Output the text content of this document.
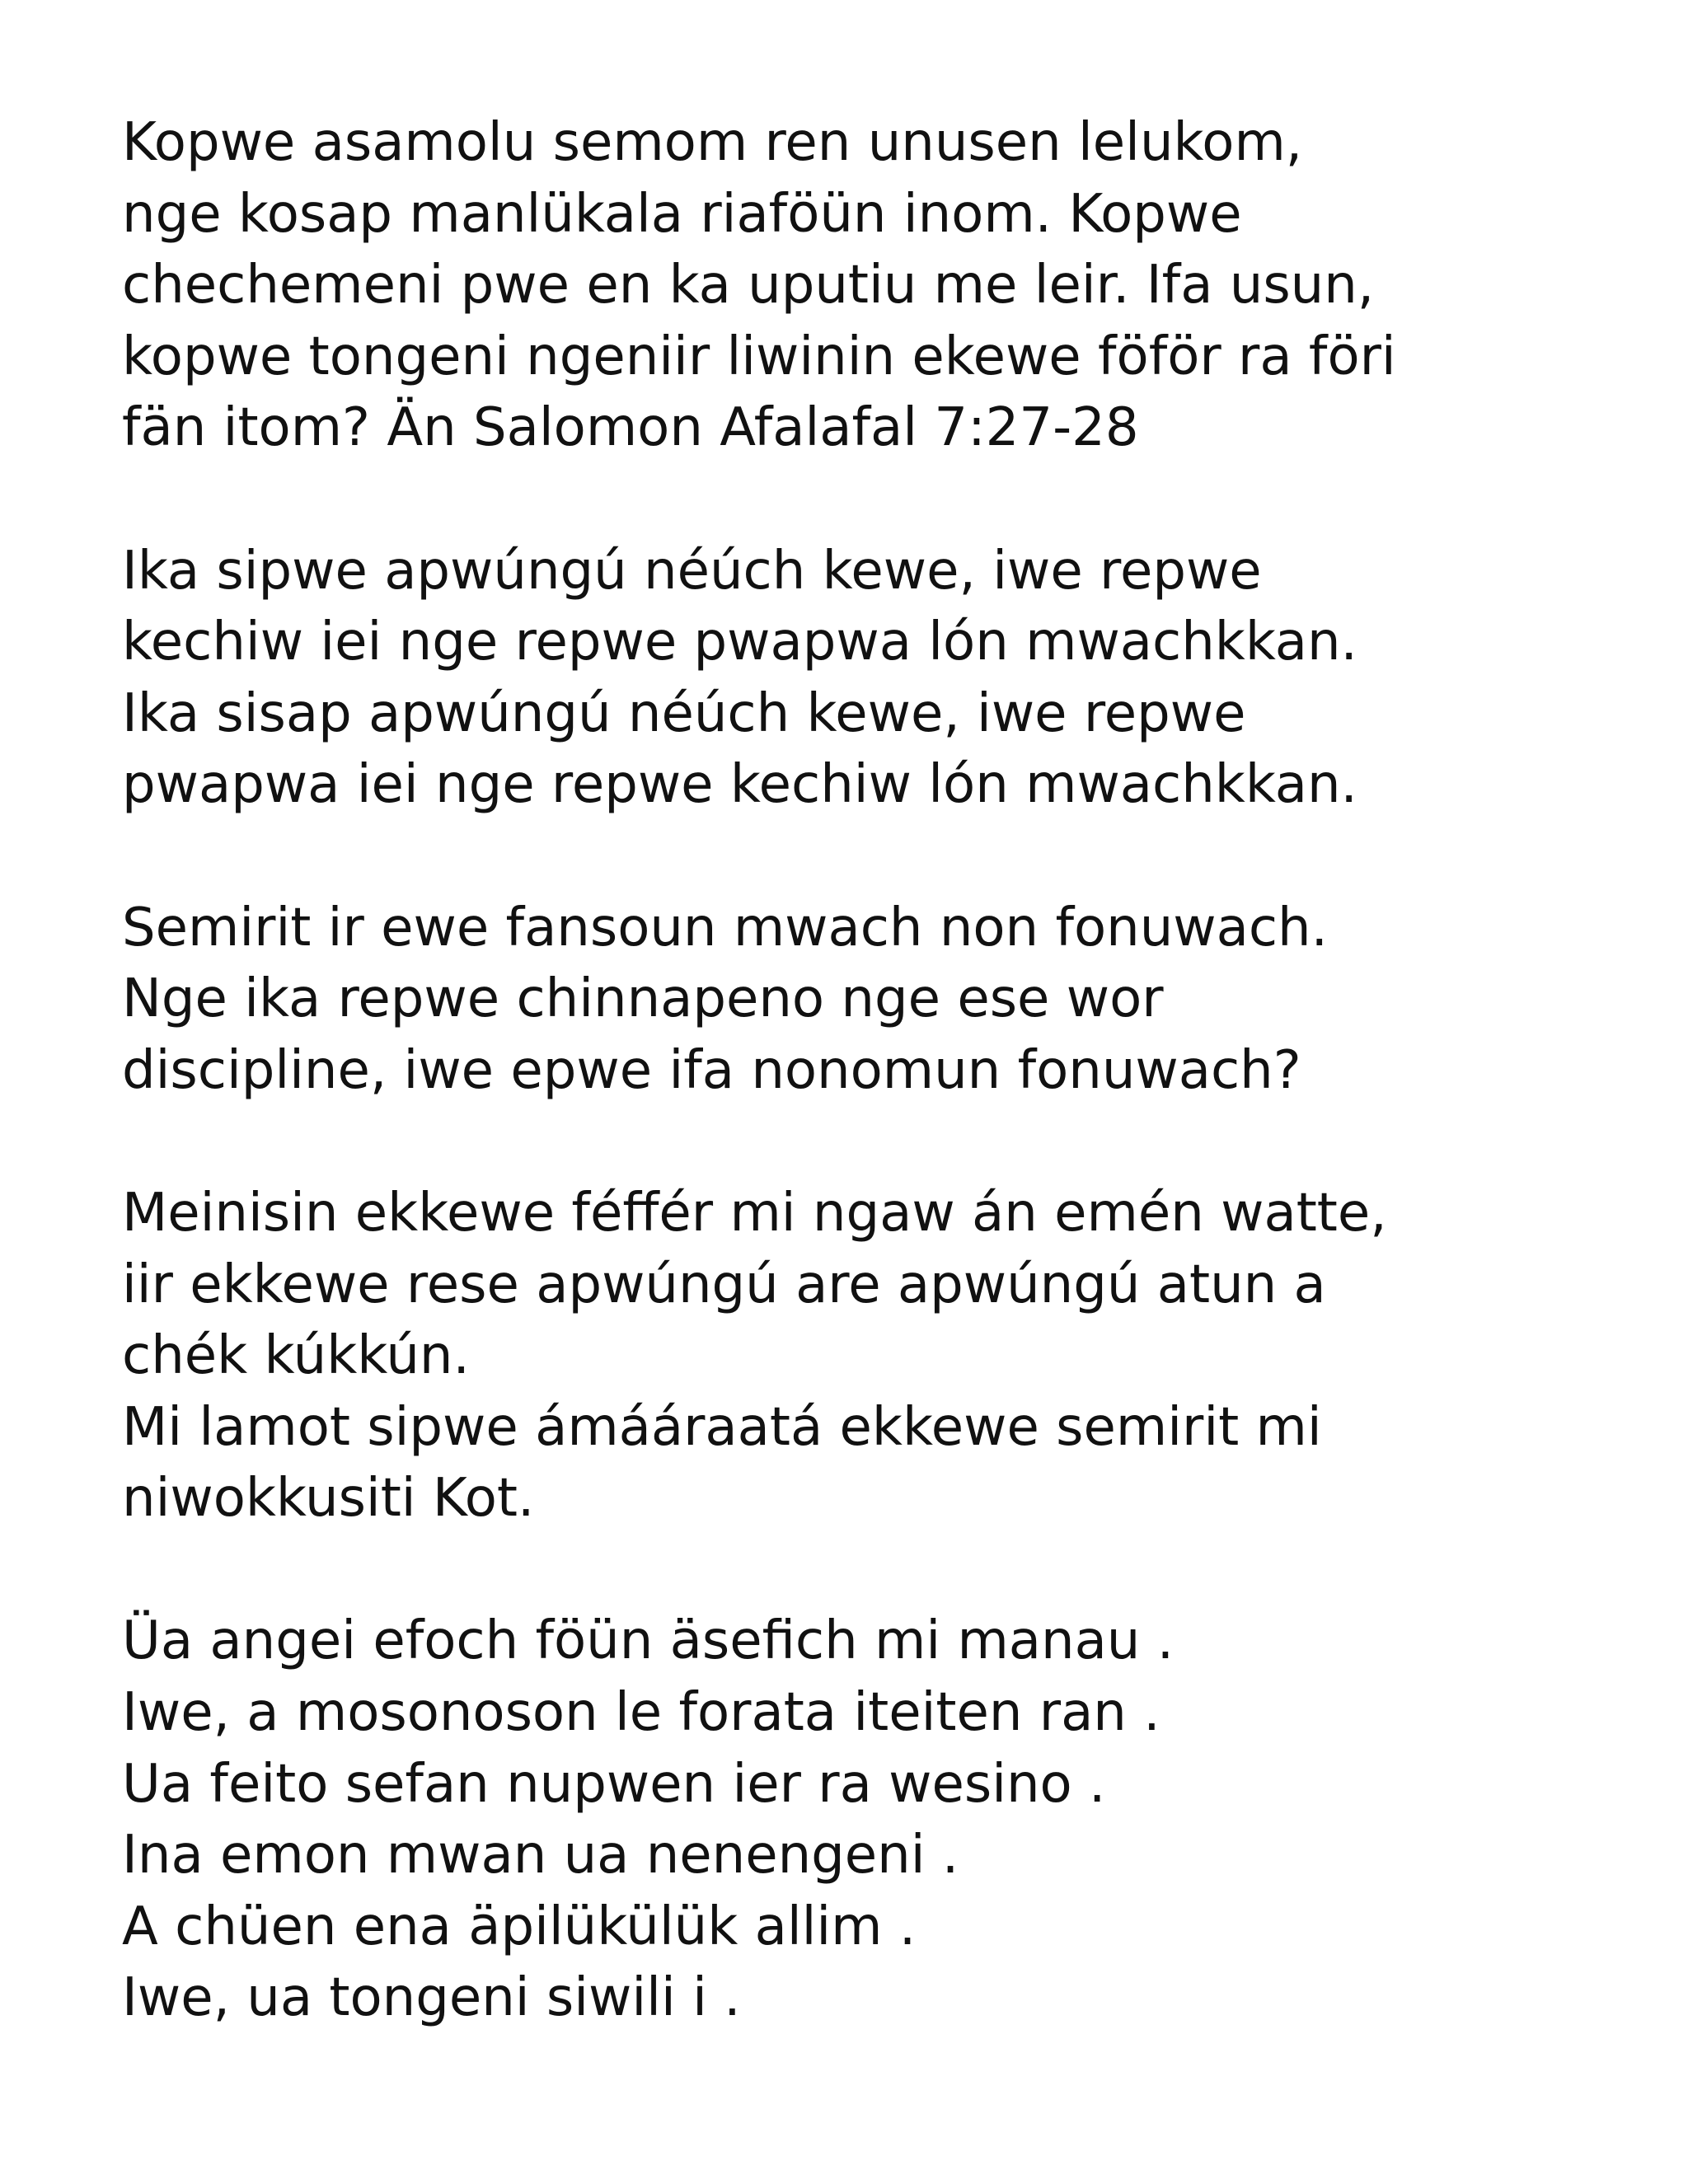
Kopwe asamolu semom ren unusen lelukom,
nge kosap manlükala riaföün inom. Kopwe
chechemeni pwe en ka uputiu me leir. Ifa usun,
kopwe tongeni ngeniir liwinin ekewe föför ra föri
fän itom? Än Salomon Afalafal 7:27-28
Ika sipwe apwúngú néúch kewe, iwe repwe
kechiw iei nge repwe pwapwa lón mwachkkan.
Ika sisap apwúngú néúch kewe, iwe repwe
pwapwa iei nge repwe kechiw lón mwachkkan.
Semirit ir ewe fansoun mwach non fonuwach.
Nge ika repwe chinnapeno nge ese wor
discipline, iwe epwe ifa nonomun fonuwach?
Meinisin ekkewe féffér mi ngaw án emén watte,
iir ekkewe rese apwúngú are apwúngú atun a
chék kúkkún.
Mi lamot sipwe ámááraatá ekkewe semirit mi
niwokkusiti Kot.
Üa angei efoch föün äsefich mi manau .
Iwe, a mosonoson le forata iteiten ran .
Ua feito sefan nupwen ier ra wesino .
Ina emon mwan ua nenengeni .
A chüen ena äpilükülük allim .
Iwe, ua tongeni siwili i .
